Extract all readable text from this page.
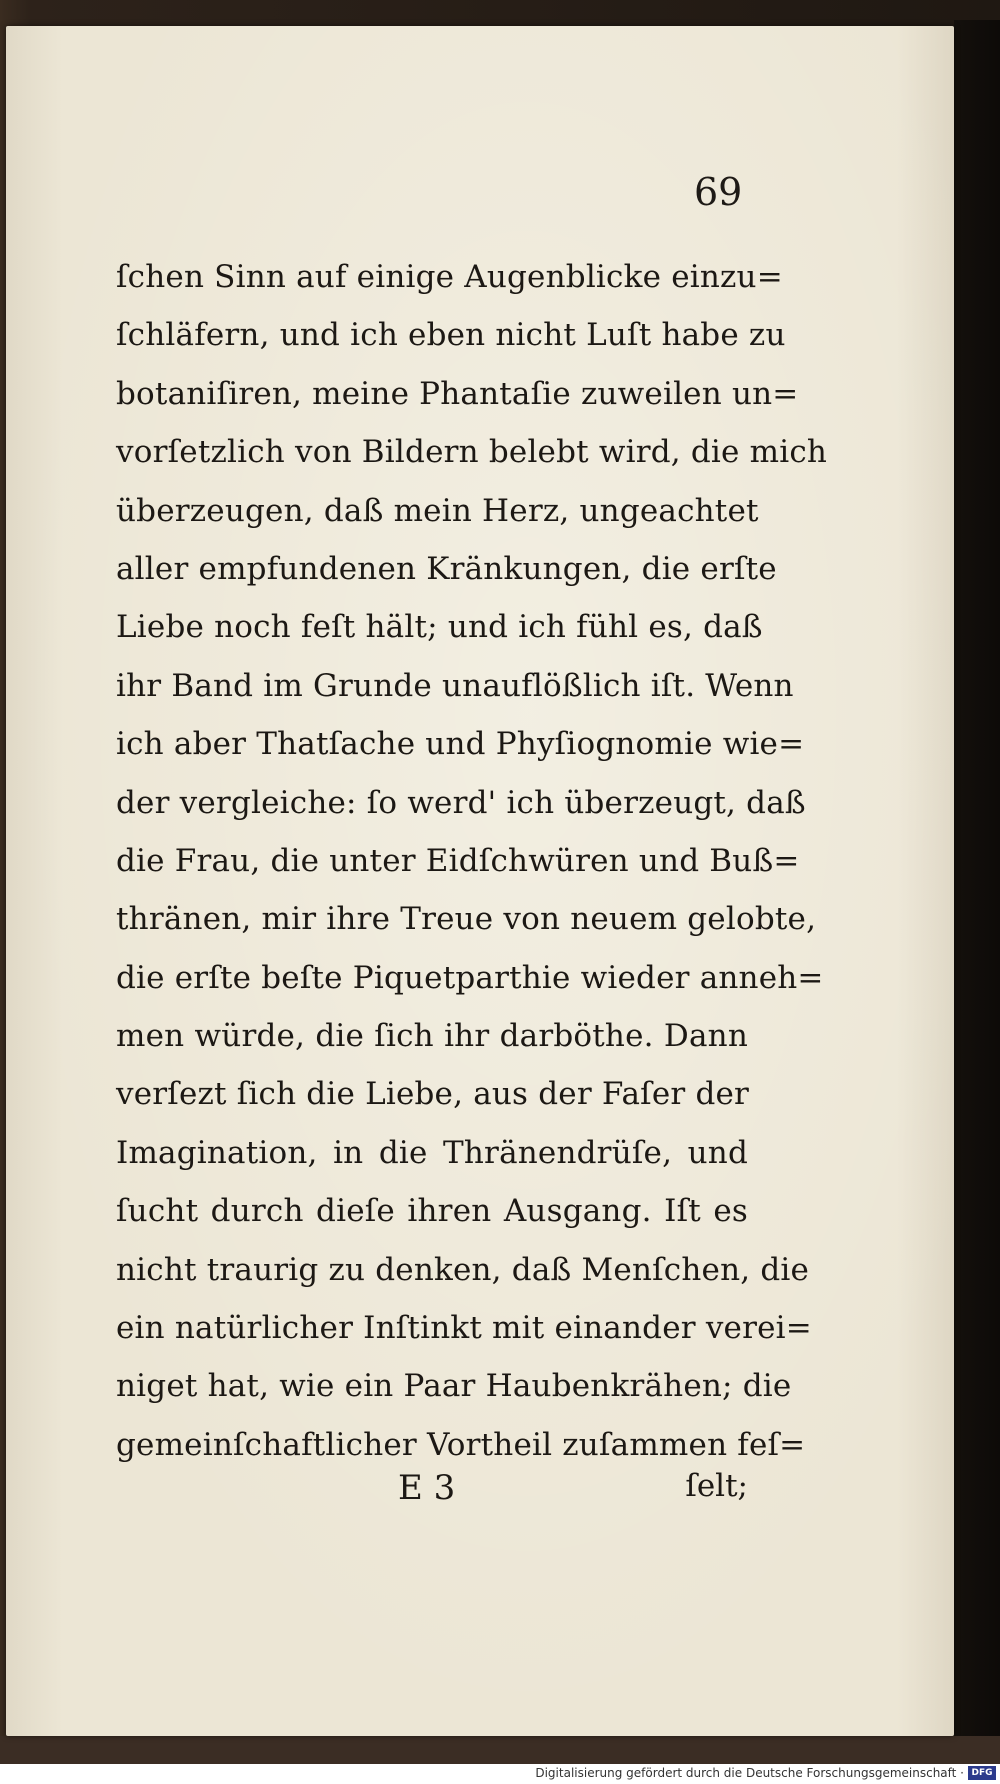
69
ſchen Sinn auf einige Augenblicke einzu=
ſchläfern, und ich eben nicht Luſt habe zu
botaniſiren, meine Phantaſie zuweilen un=
vorſetzlich von Bildern belebt wird, die mich
überzeugen, daß mein Herz, ungeachtet
aller empfundenen Kränkungen, die erſte
Liebe noch feſt hält; und ich fühl es, daß
ihr Band im Grunde unauflößlich iſt. Wenn
ich aber Thatſache und Phyſiognomie wie=
der vergleiche: ſo werd' ich überzeugt, daß
die Frau, die unter Eidſchwüren und Buß=
thränen, mir ihre Treue von neuem gelobte,
die erſte beſte Piquetparthie wieder anneh=
men würde, die ſich ihr darböthe. Dann
verſezt ſich die Liebe, aus der Faſer der
Imagination, in die Thränendrüſe, und
ſucht durch dieſe ihren Ausgang. Iſt es
nicht traurig zu denken, daß Menſchen, die
ein natürlicher Inſtinkt mit einander verei=
niget hat, wie ein Paar Haubenkrähen; die
gemeinſchaftlicher Vortheil zuſammen feſ=
E 3	ſelt;
Digitalisierung gefördert durch die Deutsche Forschungsgemeinschaft · DFG
